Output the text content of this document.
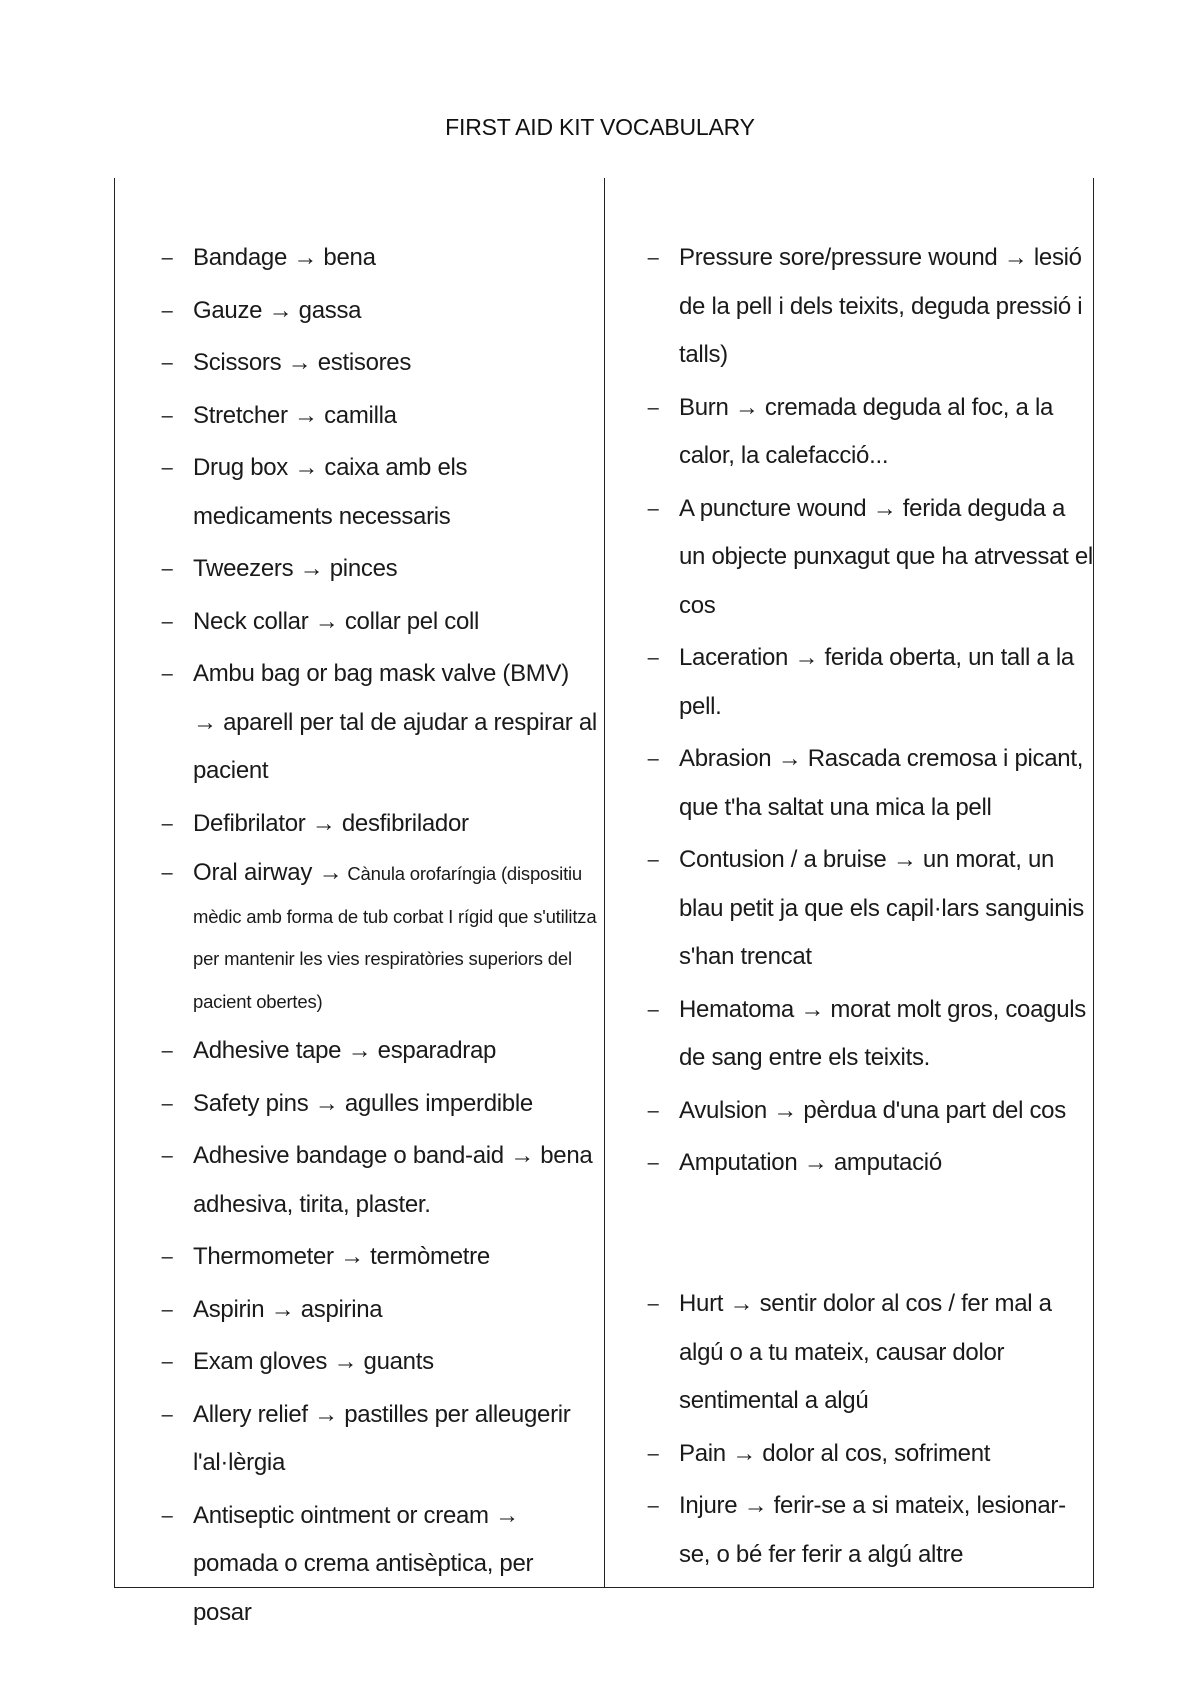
FIRST AID KIT VOCABULARY
– Bandage → bena
– Gauze → gassa
– Scissors → estisores
– Stretcher → camilla
– Drug box → caixa amb els medicaments necessaris
– Tweezers → pinces
– Neck collar → collar pel coll
– Ambu bag or bag mask valve (BMV) → aparell per tal de ajudar a respirar al pacient
– Defibrilator → desfibrilador
– Oral airway → Cànula orofaríngia (dispositiu mèdic amb forma de tub corbat I rígid que s'utilitza per mantenir les vies respiratòries superiors del pacient obertes)
– Adhesive tape → esparadrap
– Safety pins → agulles imperdible
– Adhesive bandage o band-aid → bena adhesiva, tirita, plaster.
– Thermometer → termòmetre
– Aspirin → aspirina
– Exam gloves → guants
– Allery relief → pastilles per alleugerir l'al·lèrgia
– Antiseptic ointment or cream → pomada o crema antisèptica, per posar
– Pressure sore/pressure wound → lesió de la pell i dels teixits, deguda pressió i talls)
– Burn → cremada deguda al foc, a la calor, la calefacció...
– A puncture wound → ferida deguda a un objecte punxagut que ha atrvessat el cos
– Laceration → ferida oberta, un tall a la pell.
– Abrasion → Rascada cremosa i picant, que t'ha saltat una mica la pell
– Contusion / a bruise → un morat, un blau petit ja que els capil·lars sanguinis s'han trencat
– Hematoma → morat molt gros, coaguls de sang entre els teixits.
– Avulsion → pèrdua d'una part del cos
– Amputation → amputació
– Hurt → sentir dolor al cos / fer mal a algú o a tu mateix, causar dolor sentimental a algú
– Pain → dolor al cos, sofriment
– Injure → ferir-se a si mateix, lesionar-se, o bé fer ferir a algú altre
